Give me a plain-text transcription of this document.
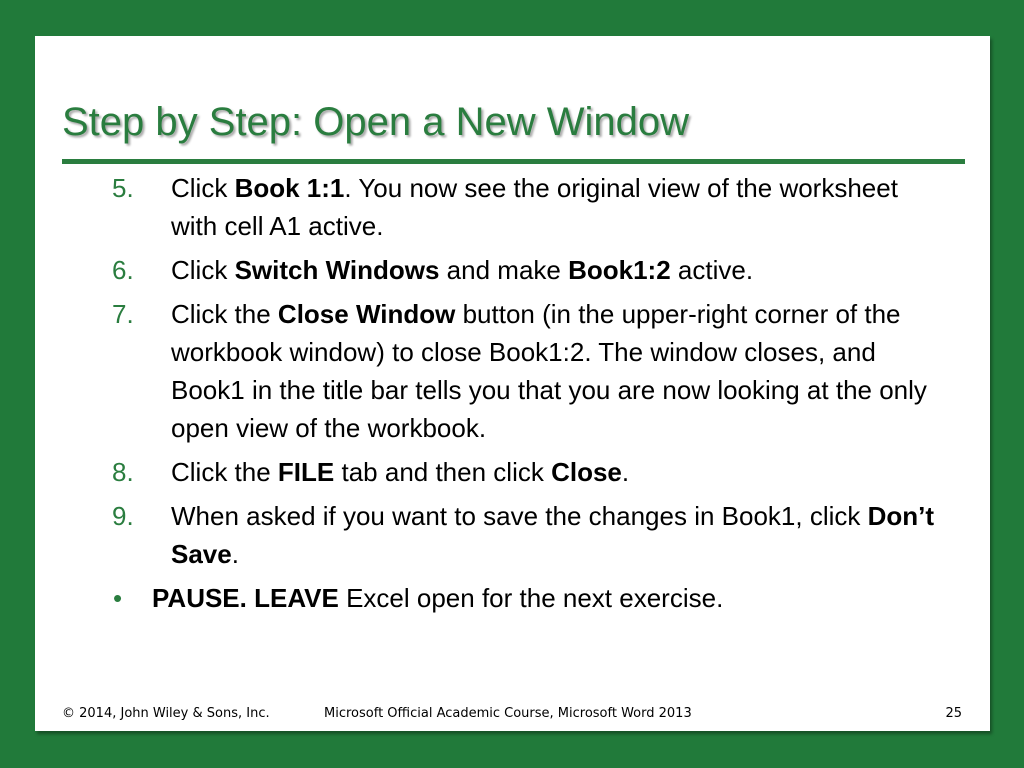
Step by Step: Open a New Window
5. Click Book 1:1. You now see the original view of the worksheet with cell A1 active.
6. Click Switch Windows and make Book1:2 active.
7. Click the Close Window button (in the upper-right corner of the workbook window) to close Book1:2. The window closes, and Book1 in the title bar tells you that you are now looking at the only open view of the workbook.
8. Click the FILE tab and then click Close.
9. When asked if you want to save the changes in Book1, click Don’t Save.
• PAUSE. LEAVE Excel open for the next exercise.
© 2014, John Wiley & Sons, Inc.	Microsoft Official Academic Course, Microsoft Word 2013	25
